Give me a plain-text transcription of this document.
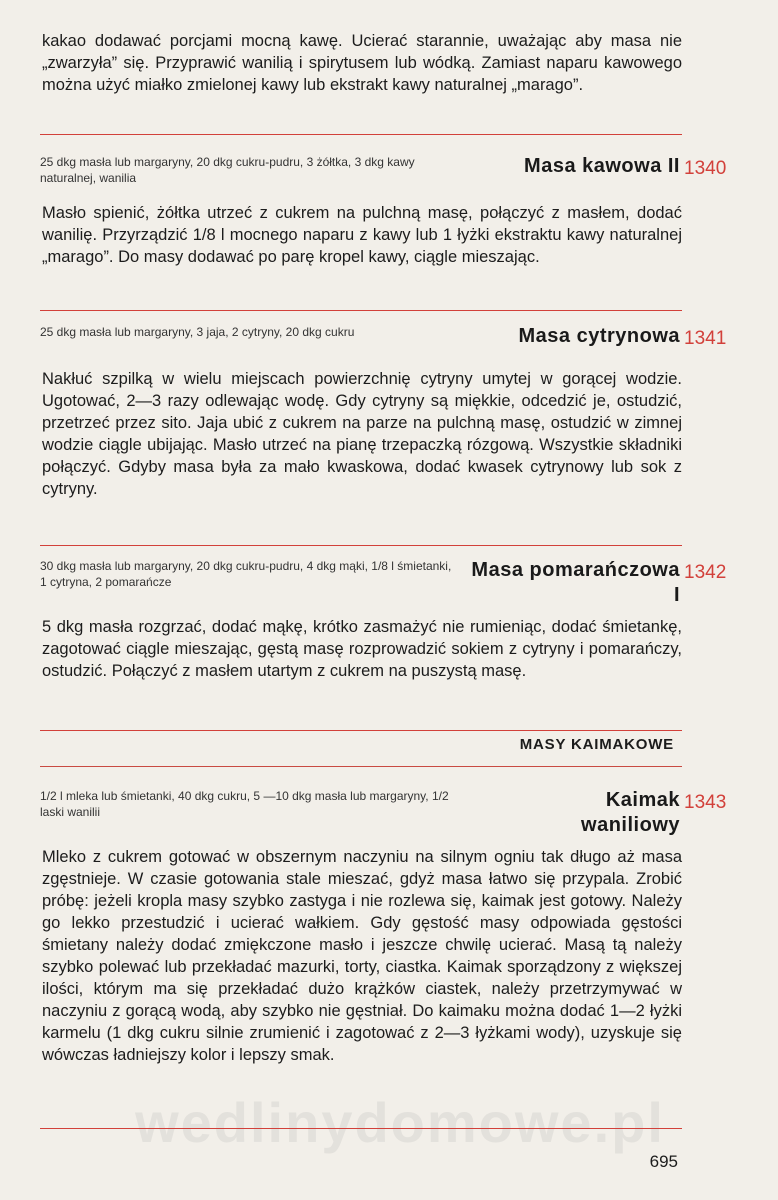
kakao dodawać porcjami mocną kawę. Ucierać starannie, uważając aby masa nie „zwarzyła” się. Przyprawić wanilią i spirytusem lub wódką. Zamiast naparu kawowego można użyć miałko zmielonej kawy lub ekstrakt kawy naturalnej „marago”.

25 dkg masła lub margaryny, 20 dkg cukru-pudru, 3 żółtka, 3 dkg kawy naturalnej, wanilia

Masa kawowa II 1340

Masło spienić, żółtka utrzeć z cukrem na pulchną masę, połączyć z masłem, dodać wanilię. Przyrządzić 1/8 l mocnego naparu z kawy lub 1 łyżki ekstraktu kawy naturalnej „marago”. Do masy dodawać po parę kropel kawy, ciągle mieszając.

25 dkg masła lub margaryny, 3 jaja, 2 cytryny, 20 dkg cukru	Masa cytrynowa 1341

Nakłuć szpilką w wielu miejscach powierzchnię cytryny umytej w gorącej wodzie. Ugotować, 2—3 razy odlewając wodę. Gdy cytryny są miękkie, odcedzić je, ostudzić, przetrzeć przez sito. Jaja ubić z cukrem na parze na pulchną masę, ostudzić w zimnej wodzie ciągle ubijając. Masło utrzeć na pianę trzepaczką rózgową. Wszystkie składniki połączyć. Gdyby masa była za mało kwaskowa, dodać kwasek cytrynowy lub sok z cytryny.

30 dkg masła lub margaryny, 20 dkg cukru-pudru, 4 dkg mąki, 1/8 l śmietanki, 1 cytryna, 2 pomarańcze

Masa pomarańczowa I

1342

5 dkg masła rozgrzać, dodać mąkę, krótko zasmażyć nie rumieniąc, dodać śmietankę, zagotować ciągle mieszając, gęstą masę rozprowadzić sokiem z cytryny i pomarańczy, ostudzić. Połączyć z masłem utartym z cukrem na puszystą masę.

MASY KAIMAKOWE

1/2 l mleka lub śmietanki, 40 dkg cukru, 5 —10 dkg masła lub margaryny, 1/2 laski wanilii

Kaimak waniliowy

1343

Mleko z cukrem gotować w obszernym naczyniu na silnym ogniu tak długo aż masa zgęstnieje. W czasie gotowania stale mieszać, gdyż masa łatwo się przypala. Zrobić próbę: jeżeli kropla masy szybko zastyga i nie rozlewa się, kaimak jest gotowy. Należy go lekko przestudzić i ucierać wałkiem. Gdy gęstość masy odpowiada gęstości śmietany należy dodać zmiękczone masło i jeszcze chwilę ucierać. Masą tą należy szybko polewać lub przekładać mazurki, torty, ciastka. Kaimak sporządzony z większej ilości, którym ma się przekładać dużo krążków ciastek, należy przetrzymywać w naczyniu z gorącą wodą, aby szybko nie gęstniał. Do kaimaku można dodać 1—2 łyżki karmelu (1 dkg cukru silnie zrumienić i zagotować z 2—3 łyżkami wody), uzyskuje się wówczas ładniejszy kolor i lepszy smak.

wedlinydomowe.pl

695
